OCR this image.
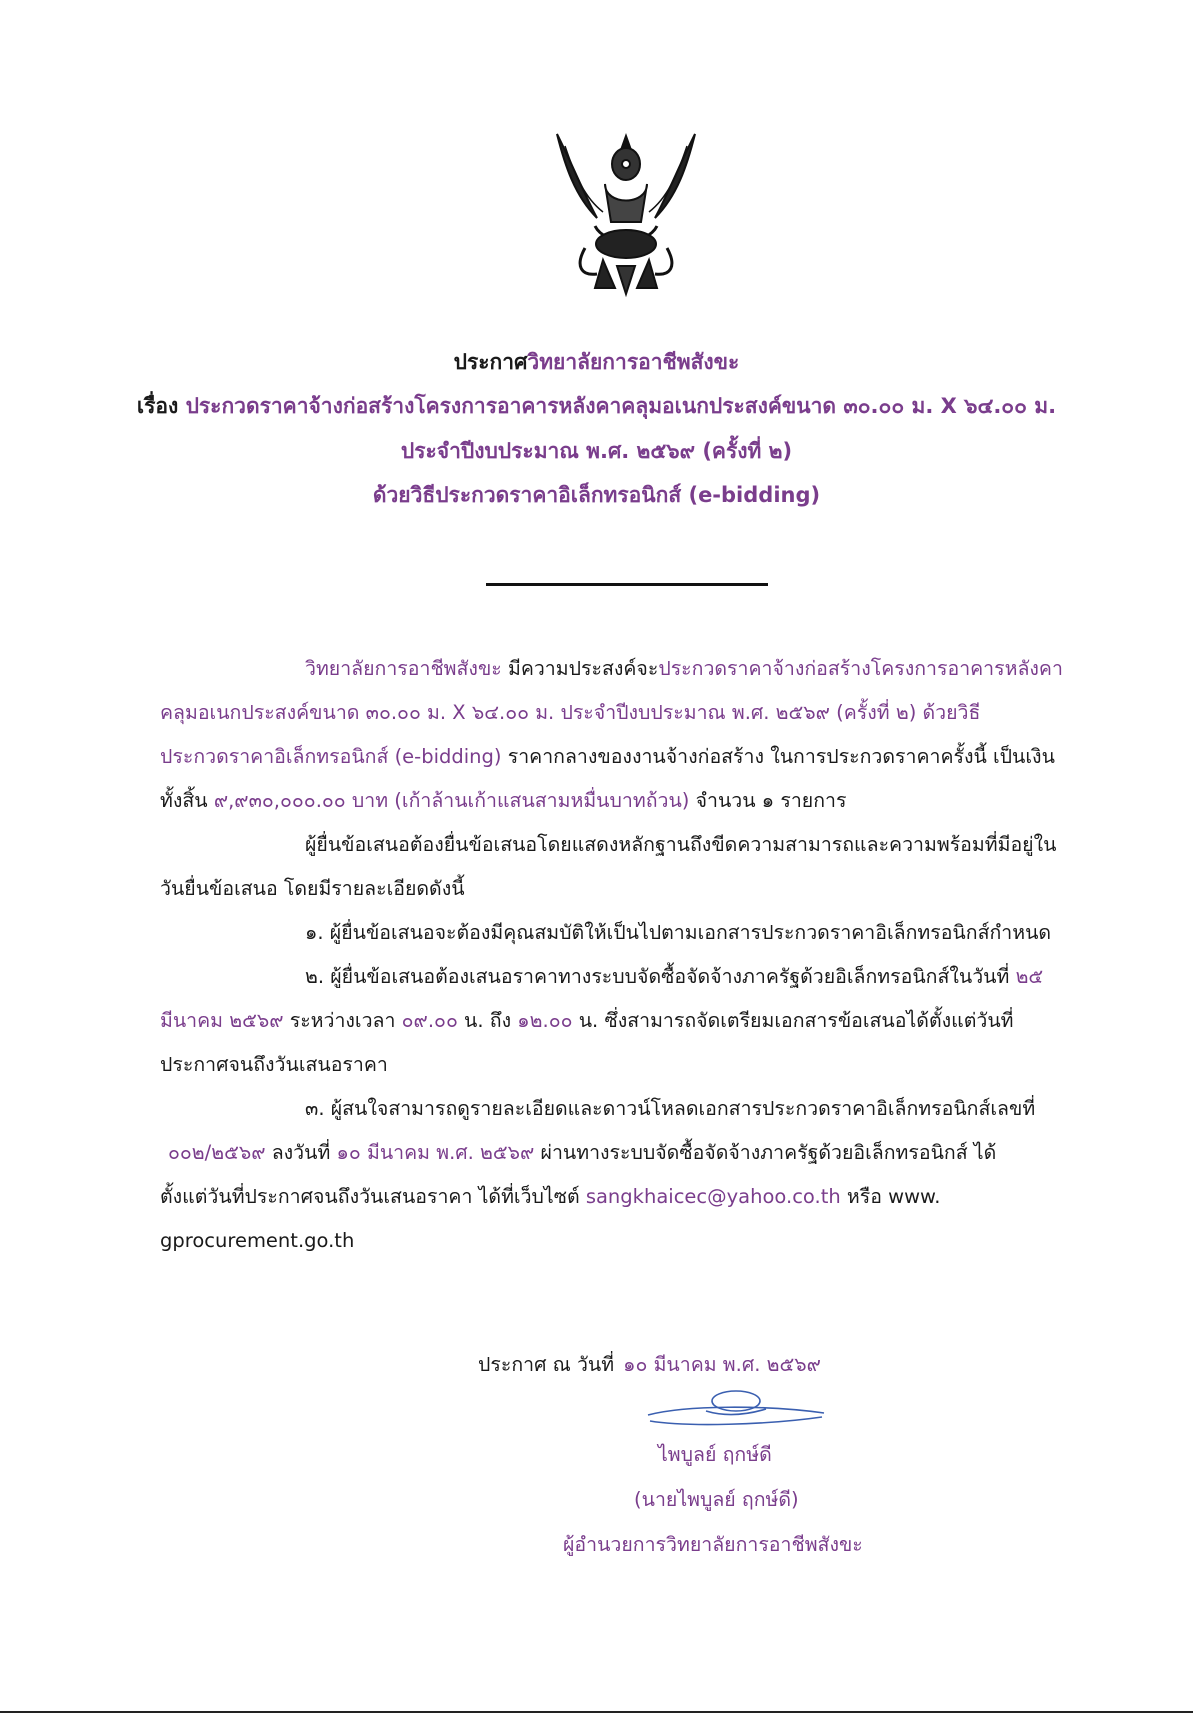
ประกาศวิทยาลัยการอาชีพสังขะ
เรื่อง ประกวดราคาจ้างก่อสร้างโครงการอาคารหลังคาคลุมอเนกประสงค์ขนาด ๓๐.๐๐ ม. X ๖๔.๐๐ ม.
ประจำปีงบประมาณ พ.ศ. ๒๕๖๙ (ครั้งที่ ๒)
ด้วยวิธีประกวดราคาอิเล็กทรอนิกส์ (e-bidding)
วิทยาลัยการอาชีพสังขะ มีความประสงค์จะประกวดราคาจ้างก่อสร้างโครงการอาคารหลังคา
คลุมอเนกประสงค์ขนาด ๓๐.๐๐ ม. X ๖๔.๐๐ ม. ประจำปีงบประมาณ พ.ศ. ๒๕๖๙ (ครั้งที่ ๒) ด้วยวิธี
ประกวดราคาอิเล็กทรอนิกส์ (e-bidding) ราคากลางของงานจ้างก่อสร้าง ในการประกวดราคาครั้งนี้ เป็นเงิน
ทั้งสิ้น ๙,๙๓๐,๐๐๐.๐๐ บาท (เก้าล้านเก้าแสนสามหมื่นบาทถ้วน) จำนวน ๑ รายการ
ผู้ยื่นข้อเสนอต้องยื่นข้อเสนอโดยแสดงหลักฐานถึงขีดความสามารถและความพร้อมที่มีอยู่ใน
วันยื่นข้อเสนอ โดยมีรายละเอียดดังนี้
๑. ผู้ยื่นข้อเสนอจะต้องมีคุณสมบัติให้เป็นไปตามเอกสารประกวดราคาอิเล็กทรอนิกส์กำหนด
๒. ผู้ยื่นข้อเสนอต้องเสนอราคาทางระบบจัดซื้อจัดจ้างภาครัฐด้วยอิเล็กทรอนิกส์ในวันที่ ๒๕
มีนาคม ๒๕๖๙ ระหว่างเวลา ๐๙.๐๐ น. ถึง ๑๒.๐๐ น. ซึ่งสามารถจัดเตรียมเอกสารข้อเสนอได้ตั้งแต่วันที่
ประกาศจนถึงวันเสนอราคา
๓. ผู้สนใจสามารถดูรายละเอียดและดาวน์โหลดเอกสารประกวดราคาอิเล็กทรอนิกส์เลขที่
๐๐๒/๒๕๖๙ ลงวันที่ ๑๐ มีนาคม พ.ศ. ๒๕๖๙ ผ่านทางระบบจัดซื้อจัดจ้างภาครัฐด้วยอิเล็กทรอนิกส์ ได้
ตั้งแต่วันที่ประกาศจนถึงวันเสนอราคา ได้ที่เว็บไซต์ sangkhaicec@yahoo.co.th หรือ www.
gprocurement.go.th
ประกาศ ณ วันที่ ๑๐ มีนาคม พ.ศ. ๒๕๖๙
ไพบูลย์ ฤกษ์ดี
(นายไพบูลย์ ฤกษ์ดี)
ผู้อำนวยการวิทยาลัยการอาชีพสังขะ
